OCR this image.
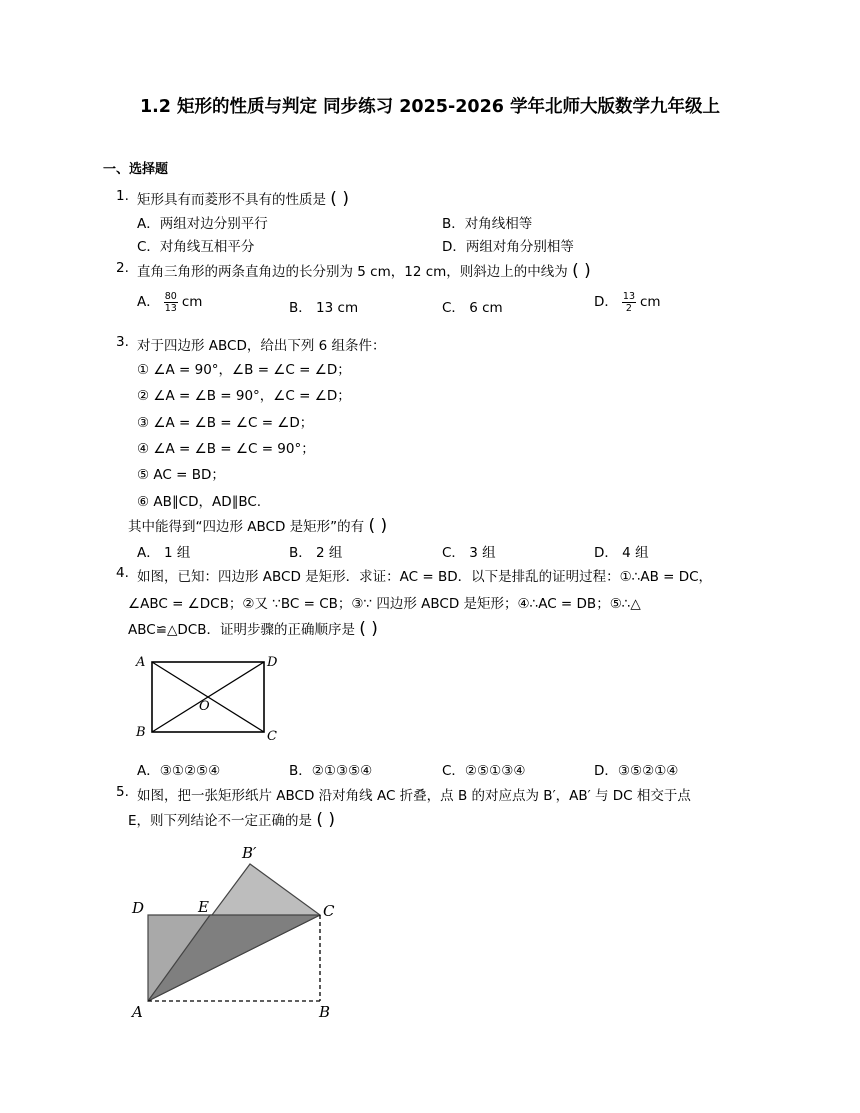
1.2 矩形的性质与判定 同步练习 2025-2026 学年北师大版数学九年级上
一、选择题
1. 矩形具有而菱形不具有的性质是 ( )
A．两组对边分别平行	B．对角线相等
C．对角线互相平分	D．两组对角分别相等
2. 直角三角形的两条直角边的长分别为 5 cm，12 cm，则斜边上的中线为 ( )
A． $\frac{80}{13}$ cm	B． 13 cm	C． 6 cm	D． $\frac{13}{2}$ cm
3. 对于四边形 ABCD，给出下列 6 组条件：
① ∠A = 90°，∠B = ∠C = ∠D；
② ∠A = ∠B = 90°，∠C = ∠D；
③ ∠A = ∠B = ∠C = ∠D；
④ ∠A = ∠B = ∠C = 90°；
⑤ AC = BD；
⑥ AB∥CD，AD∥BC.
其中能得到“四边形 ABCD 是矩形”的有 ( )
A． 1 组	B． 2 组	C． 3 组	D． 4 组
4. 如图，已知：四边形 ABCD 是矩形．求证：AC = BD．以下是排乱的证明过程：①∴AB = DC，
∠ABC = ∠DCB；②又 ∵BC = CB；③∵ 四边形 ABCD 是矩形；④∴AC = DB；⑤∴△
ABC≌△DCB．证明步骤的正确顺序是 ( )
A	D
B	C
O
A．③①②⑤④	B．②①③⑤④	C．②⑤①③④	D．③⑤②①④
5. 如图，把一张矩形纸片 ABCD 沿对角线 AC 折叠，点 B 的对应点为 B′，AB′ 与 DC 相交于点
E，则下列结论不一定正确的是 ( )
B′
D	E	C
A	B
